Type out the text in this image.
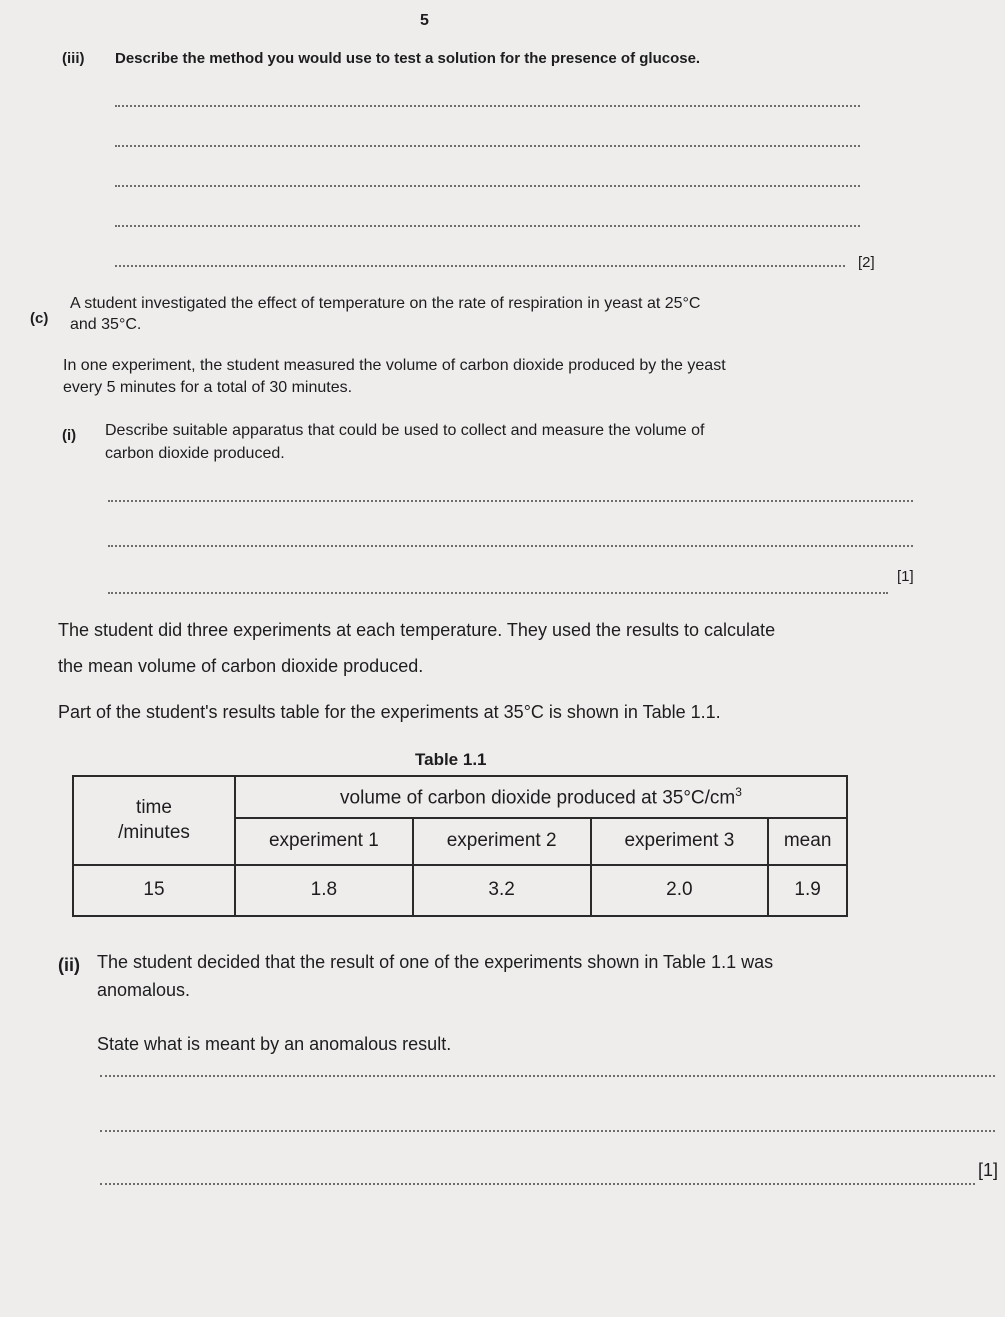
5
(iii) Describe the method you would use to test a solution for the presence of glucose.
[2]
(c)
A student investigated the effect of temperature on the rate of respiration in yeast at 25°C
and 35°C.
In one experiment, the student measured the volume of carbon dioxide produced by the yeast
every 5 minutes for a total of 30 minutes.
(i) Describe suitable apparatus that could be used to collect and measure the volume of
carbon dioxide produced.
[1]
The student did three experiments at each temperature. They used the results to calculate
the mean volume of carbon dioxide produced.
Part of the student's results table for the experiments at 35°C is shown in Table 1.1.
Table 1.1
time
/minutes	volume of carbon dioxide produced at $35^\circ C/cm^3$
	experiment 1	experiment 2	experiment 3	mean
15	1.8	3.2	2.0	1.9
(ii) The student decided that the result of one of the experiments shown in Table 1.1 was
anomalous.
State what is meant by an anomalous result.
[1]
